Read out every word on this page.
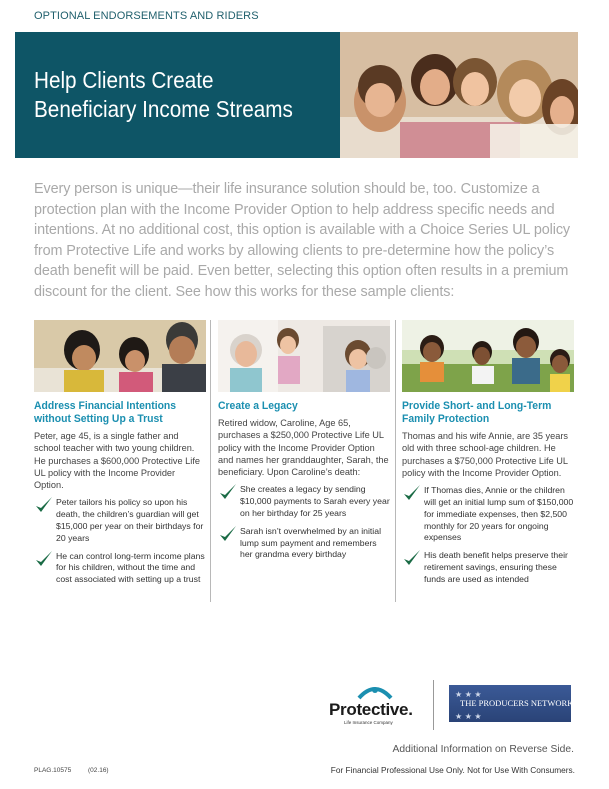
OPTIONAL ENDORSEMENTS AND RIDERS
Help Clients Create
Beneficiary Income Streams
Every person is unique—their life insurance solution should be, too. Customize a protection plan with the Income Provider Option to help address specific needs and intentions. At no additional cost, this option is available with a Choice Series UL policy from Protective Life and works by allowing clients to pre-determine how the policy’s death benefit will be paid. Even better, selecting this option often results in a premium discount for the client. See how this works for these sample clients:
Address Financial Intentions without Setting Up a Trust
Peter, age 45, is a single father and school teacher with two young children. He purchases a $600,000 Protective Life UL policy with the Income Provider Option.
Peter tailors his policy so upon his death, the children’s guardian will get $15,000 per year on their birthdays for 20 years
He can control long-term income plans for his children, without the time and cost associated with setting up a trust
Create a Legacy
Retired widow, Caroline, Age 65, purchases a $250,000 Protective Life UL policy with the Income Provider Option and names her granddaughter, Sarah, the beneficiary. Upon Caroline’s death:
She creates a legacy by sending $10,000 payments to Sarah every year on her birthday for 25 years
Sarah isn’t overwhelmed by an initial lump sum payment and remembers her grandma every birthday
Provide Short- and Long-Term Family Protection
Thomas and his wife Annie, are 35 years old with three school-age children. He purchases a $750,000 Protective Life UL policy with the Income Provider Option.
If Thomas dies, Annie or the children will get an initial lump sum of $150,000 for immediate expenses, then $2,500 monthly for 20 years for ongoing expenses
His death benefit helps preserve their retirement savings, ensuring these funds are used as intended
Protective.
Life Insurance Company
★ ★ ★
★ ★ ★
THE PRODUCERS NETWORK
Additional Information on Reverse Side.
PLAG.10575	(02.16)	For Financial Professional Use Only. Not for Use With Consumers.
